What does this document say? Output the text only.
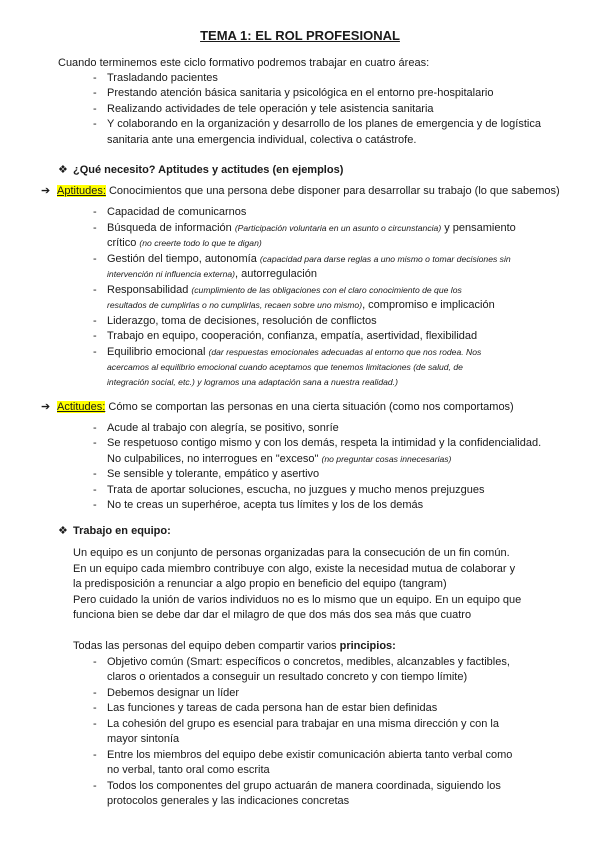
TEMA 1: EL ROL PROFESIONAL
Cuando terminemos este ciclo formativo podremos trabajar en cuatro áreas:
- Trasladando pacientes
- Prestando atención básica sanitaria y psicológica en el entorno pre-hospitalario
- Realizando actividades de tele operación y tele asistencia sanitaria
- Y colaborando en la organización y desarrollo de los planes de emergencia y de logística
sanitaria ante una emergencia individual, colectiva o catástrofe.
❖ ¿Qué necesito? Aptitudes y actitudes (en ejemplos)
➔ Aptitudes: Conocimientos que una persona debe disponer para desarrollar su trabajo (lo que sabemos)
- Capacidad de comunicarnos
- Búsqueda de información (Participación voluntaria en un asunto o circunstancia) y pensamiento
crítico (no creerte todo lo que te digan)
- Gestión del tiempo, autonomía (capacidad para darse reglas a uno mismo o tomar decisiones sin
intervención ni influencia externa), autorregulación
- Responsabilidad (cumplimiento de las obligaciones con el claro conocimiento de que los
resultados de cumplirlas o no cumplirlas, recaen sobre uno mismo), compromiso e implicación
- Liderazgo, toma de decisiones, resolución de conflictos
- Trabajo en equipo, cooperación, confianza, empatía, asertividad, flexibilidad
- Equilibrio emocional (dar respuestas emocionales adecuadas al entorno que nos rodea. Nos
acercamos al equilibrio emocional cuando aceptamos que tenemos limitaciones (de salud, de
integración social, etc.) y logramos una adaptación sana a nuestra realidad.)
➔ Actitudes: Cómo se comportan las personas en una cierta situación (como nos comportamos)
- Acude al trabajo con alegría, se positivo, sonríe
- Se respetuoso contigo mismo y con los demás, respeta la intimidad y la confidencialidad.
No culpabilices, no interrogues en "exceso" (no preguntar cosas innecesarias)
- Se sensible y tolerante, empático y asertivo
- Trata de aportar soluciones, escucha, no juzgues y mucho menos prejuzgues
- No te creas un superhéroe, acepta tus límites y los de los demás
❖ Trabajo en equipo:
Un equipo es un conjunto de personas organizadas para la consecución de un fin común.
En un equipo cada miembro contribuye con algo, existe la necesidad mutua de colaborar y
la predisposición a renunciar a algo propio en beneficio del equipo (tangram)
Pero cuidado la unión de varios individuos no es lo mismo que un equipo. En un equipo que
funciona bien se debe dar dar el milagro de que dos más dos sea más que cuatro
Todas las personas del equipo deben compartir varios principios:
- Objetivo común (Smart: específicos o concretos, medibles, alcanzables y factibles,
claros o orientados a conseguir un resultado concreto y con tiempo límite)
- Debemos designar un líder
- Las funciones y tareas de cada persona han de estar bien definidas
- La cohesión del grupo es esencial para trabajar en una misma dirección y con la
mayor sintonía
- Entre los miembros del equipo debe existir comunicación abierta tanto verbal como
no verbal, tanto oral como escrita
- Todos los componentes del grupo actuarán de manera coordinada, siguiendo los
protocolos generales y las indicaciones concretas
